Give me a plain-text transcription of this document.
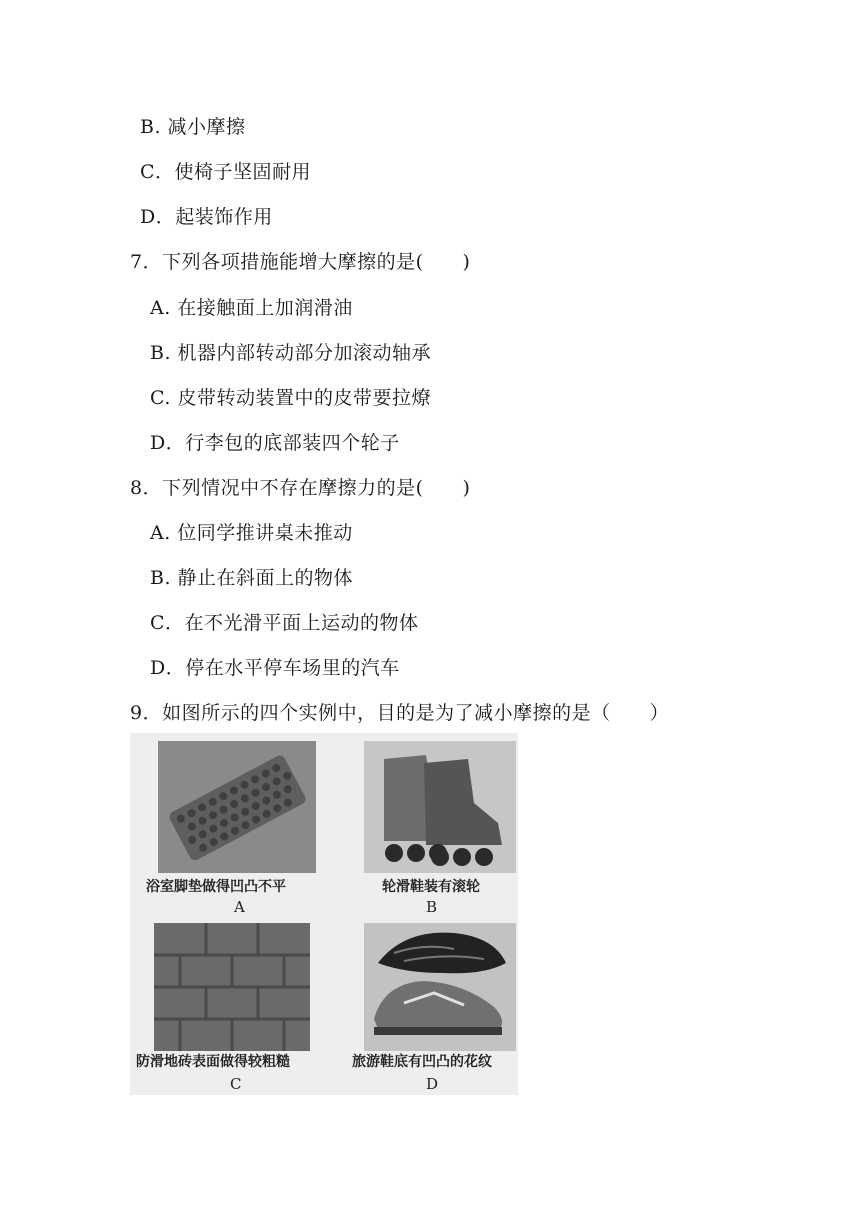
B. 减小摩擦
C．使椅子坚固耐用
D．起装饰作用
7．下列各项措施能增大摩擦的是(　　)
A. 在接触面上加润滑油
B. 机器内部转动部分加滚动轴承
C. 皮带转动装置中的皮带要拉燎
D．行李包的底部装四个轮子
8．下列情况中不存在摩擦力的是(　　)
A. 位同学推讲桌未推动
B. 静止在斜面上的物体
C．在不光滑平面上运动的物体
D．停在水平停车场里的汽车
9．如图所示的四个实例中，目的是为了减小摩擦的是（　　）
浴室脚垫做得凹凸不平
A
轮滑鞋装有滚轮
B
防滑地砖表面做得较粗糙
C
旅游鞋底有凹凸的花纹
D
